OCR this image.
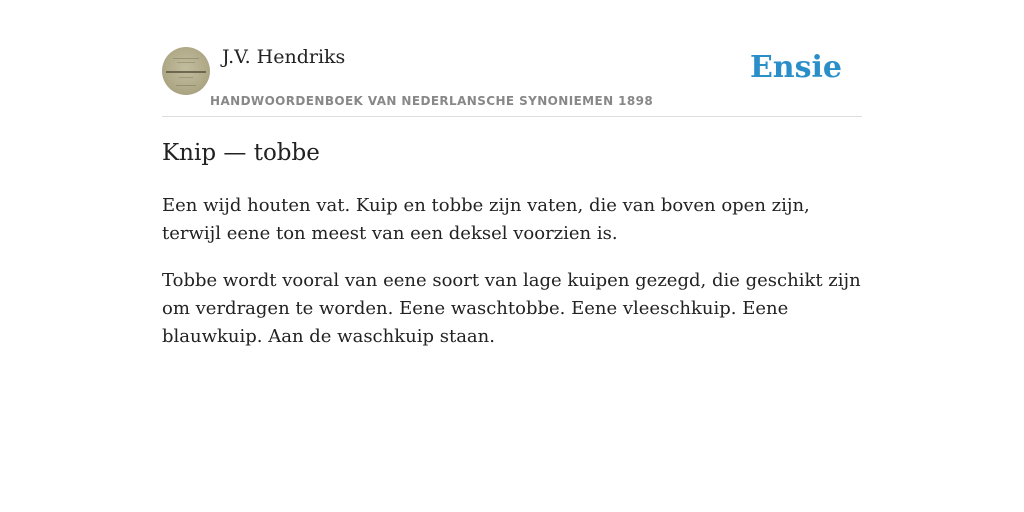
J.V. Hendriks
HANDWOORDENBOEK VAN NEDERLANSCHE SYNONIEMEN 1898
Ensie
Knip — tobbe

Een wijd houten vat. Kuip en tobbe zijn vaten, die van boven open zijn, terwijl eene ton meest van een deksel voorzien is.

Tobbe wordt vooral van eene soort van lage kuipen gezegd, die geschikt zijn om verdragen te worden. Eene waschtobbe. Eene vleeschkuip. Eene blauwkuip. Aan de waschkuip staan.
